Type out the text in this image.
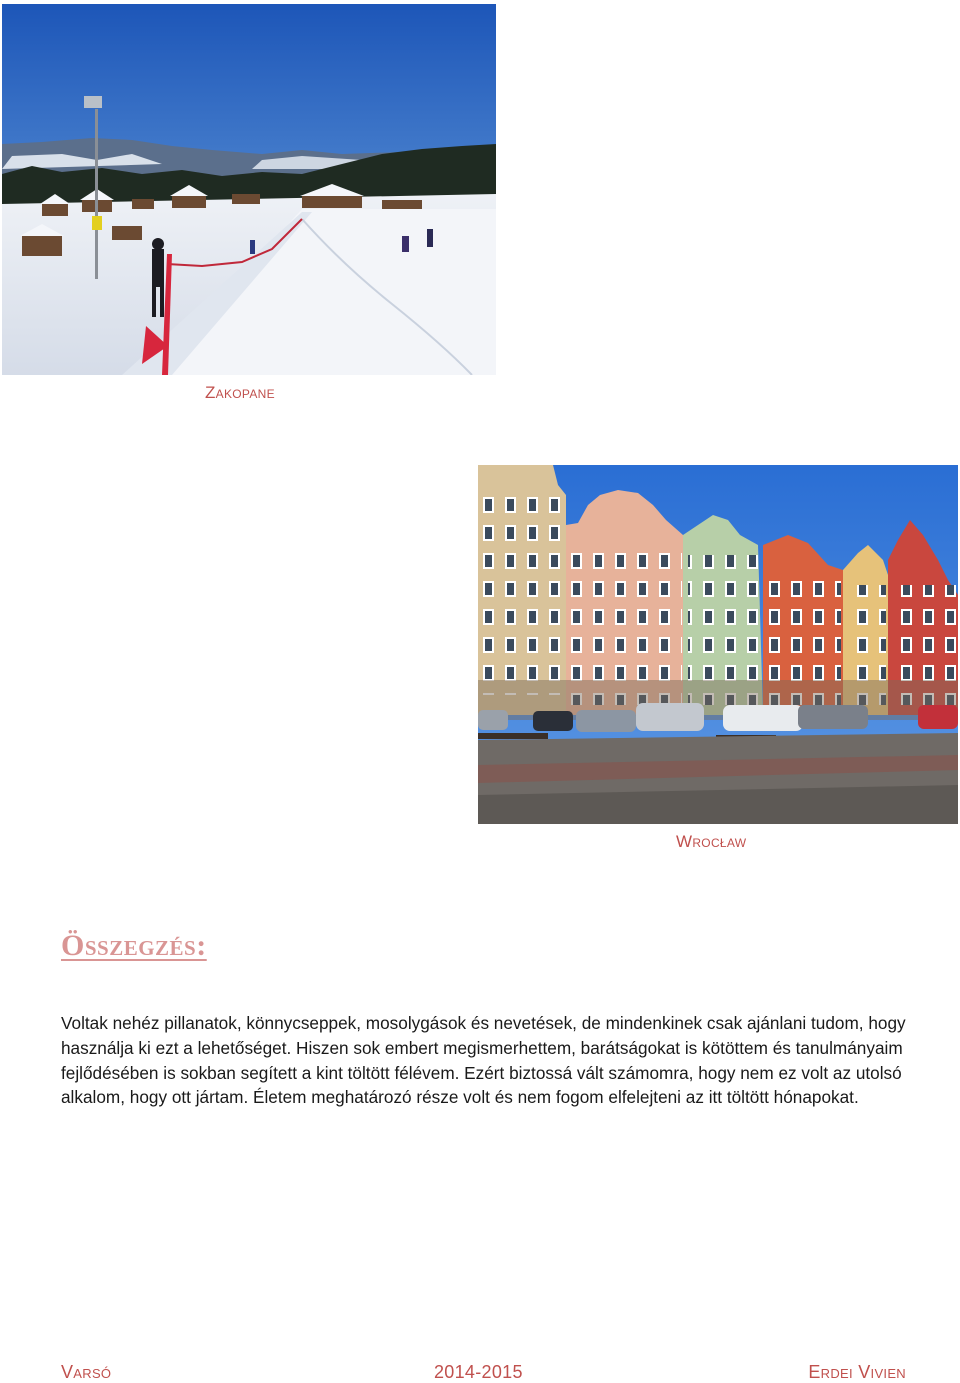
Zakopane
Wrocław
Összegzés:

Voltak nehéz pillanatok, könnycseppek, mosolygások és nevetések, de mindenkinek csak ajánlani tudom, hogy használja ki ezt a lehetőséget. Hiszen sok embert megismerhettem, barátságokat is kötöttem és tanulmányaim fejlődésében is sokban segített a kint töltött félévem. Ezért biztossá vált számomra, hogy nem ez volt az utolsó alkalom, hogy ott jártam. Életem meghatározó része volt és nem fogom elfelejteni az itt töltött hónapokat.

Varsó	2014-2015	Erdei Vivien
